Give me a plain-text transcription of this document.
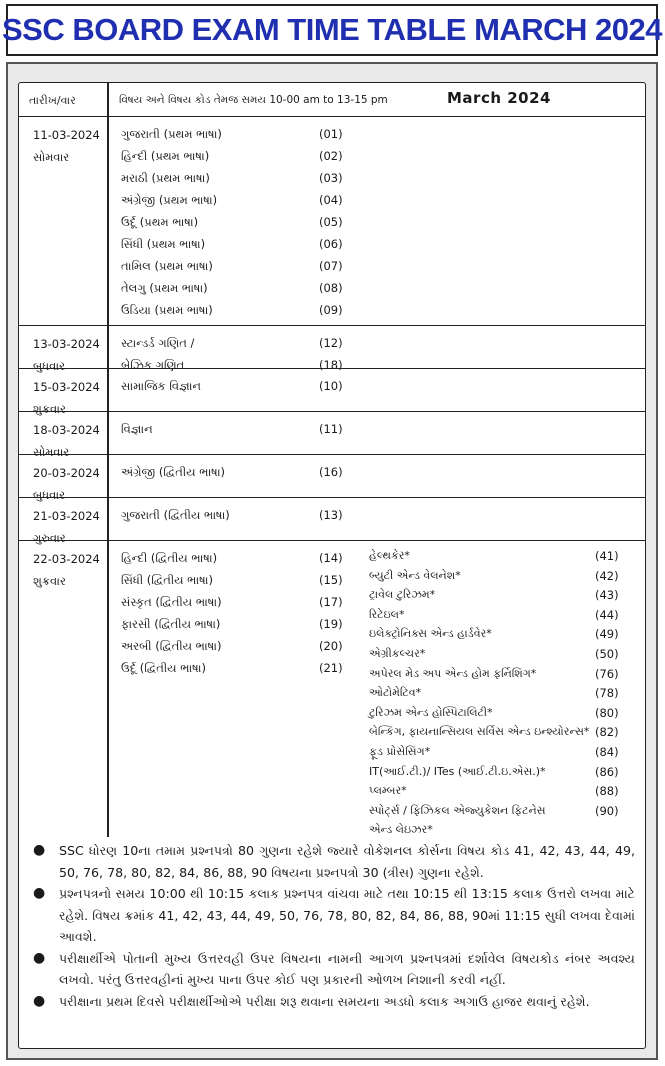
SSC BOARD EXAM TIME TABLE MARCH 2024
તારીખ/વાર	વિષય અને વિષય કોડ તેમજ સમય 10-00 am to 13-15 pm	March 2024
11-03-2024
સોમવાર
ગુજરાતી (પ્રથમ ભાષા)	(01)
હિન્દી (પ્રથમ ભાષા)	(02)
મરાઠી (પ્રથમ ભાષા)	(03)
અંગ્રેજી (પ્રથમ ભાષા)	(04)
ઉર્દૂ (પ્રથમ ભાષા)	(05)
સિંધી (પ્રથમ ભાષા)	(06)
તામિલ (પ્રથમ ભાષા)	(07)
તેલગુ (પ્રથમ ભાષા)	(08)
ઉડિયા (પ્રથમ ભાષા)	(09)
13-03-2024
બુધવાર
સ્ટાન્ડર્ડ ગણિત /	(12)
બેઝિક ગણિત	(18)
15-03-2024
શુક્રવાર
સામાજિક વિજ્ઞાન	(10)
18-03-2024
સોમવાર
વિજ્ઞાન	(11)
20-03-2024
બુધવાર
અંગ્રેજી (દ્વિતીય ભાષા)	(16)
21-03-2024
ગુરુવાર
ગુજરાતી (દ્વિતીય ભાષા)	(13)
22-03-2024
શુક્રવાર
હિન્દી (દ્વિતીય ભાષા)	(14)
સિંધી (દ્વિતીય ભાષા)	(15)
સંસ્કૃત (દ્વિતીય ભાષા)	(17)
ફારસી (દ્વિતીય ભાષા)	(19)
અરબી (દ્વિતીય ભાષા)	(20)
ઉર્દૂ (દ્વિતીય ભાષા)	(21)
હેલ્થકેર*	(41)
બ્યુટી એન્ડ વેલનેશ*	(42)
ટ્રાવેલ ટુરિઝમ*	(43)
રિટેઇલ*	(44)
ઇલેક્ટ્રોનિક્સ એન્ડ હાર્ડવેર*	(49)
એગ્રીકલ્ચર*	(50)
અપેરલ મેડ અપ એન્ડ હોમ ફર્નિશિંગ*	(76)
ઓટોમેટિવ*	(78)
ટુરિઝમ એન્ડ હોસ્પિટાલિટી*	(80)
બેન્કિંગ, ફાયનાન્સિયલ સર્વિસ એન્ડ ઇન્શ્યોરન્સ* (82)
ફૂડ પ્રોસેસિંગ*	(84)
IT(આઈ.ટી.)/ ITes (આઈ.ટી.ઇ.એસ.)*	(86)
પ્લમ્બર*	(88)
સ્પોર્ટ્સ / ફિઝિકલ એજ્યુકેશન ફિટનેસ	(90)
એન્ડ લેઇઝર*
● SSC ધોરણ 10ના તમામ પ્રશ્નપત્રો 80 ગુણના રહેશે જ્યારે વોકેશનલ કોર્સના વિષય કોડ 41, 42, 43, 44, 49, 50, 76, 78, 80, 82, 84, 86, 88, 90 વિષયના પ્રશ્નપત્રો 30 (ત્રીસ) ગુણના રહેશે.
● પ્રશ્નપત્રનો સમય 10:00 થી 10:15 કલાક પ્રશ્નપત્ર વાંચવા માટે તથા 10:15 થી 13:15 કલાક ઉત્તરો લખવા માટે રહેશે. વિષય ક્રમાંક 41, 42, 43, 44, 49, 50, 76, 78, 80, 82, 84, 86, 88, 90માં 11:15 સુધી લખવા દેવામાં આવશે.
● પરીક્ષાર્થીએ પોતાની મુખ્ય ઉત્તરવહી ઉપર વિષયના નામની આગળ પ્રશ્નપત્રમાં દર્શાવેલ વિષયકોડ નંબર અવશ્ય લખવો. પરંતુ ઉત્તરવહીનાં મુખ્ય પાના ઉપર કોઈ પણ પ્રકારની ઓળખ નિશાની કરવી નહીં.
● પરીક્ષાના પ્રથમ દિવસે પરીક્ષાર્થીઓએ પરીક્ષા શરૂ થવાના સમયના અડધો કલાક અગાઉ હાજર થવાનું રહેશે.
